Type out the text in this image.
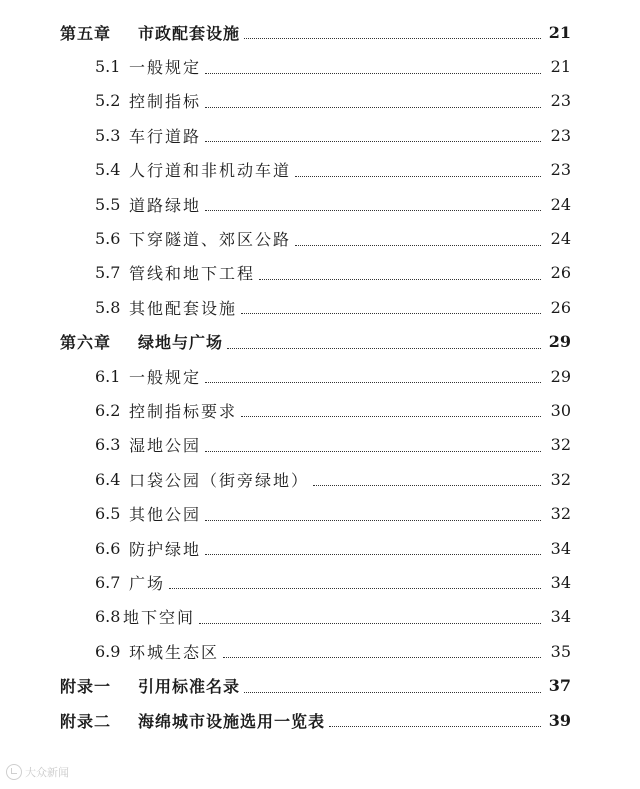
第五章	市政配套设施	21
5.1 一般规定	21
5.2 控制指标	23
5.3 车行道路	23
5.4 人行道和非机动车道	23
5.5 道路绿地	24
5.6 下穿隧道、郊区公路	24
5.7 管线和地下工程	26
5.8 其他配套设施	26
第六章	绿地与广场	29
6.1 一般规定	29
6.2 控制指标要求	30
6.3 湿地公园	32
6.4 口袋公园（街旁绿地）	32
6.5 其他公园	32
6.6 防护绿地	34
6.7 广场	34
6.8 地下空间	34
6.9 环城生态区	35
附录一	引用标准名录	37
附录二	海绵城市设施选用一览表	39
大众新闻
